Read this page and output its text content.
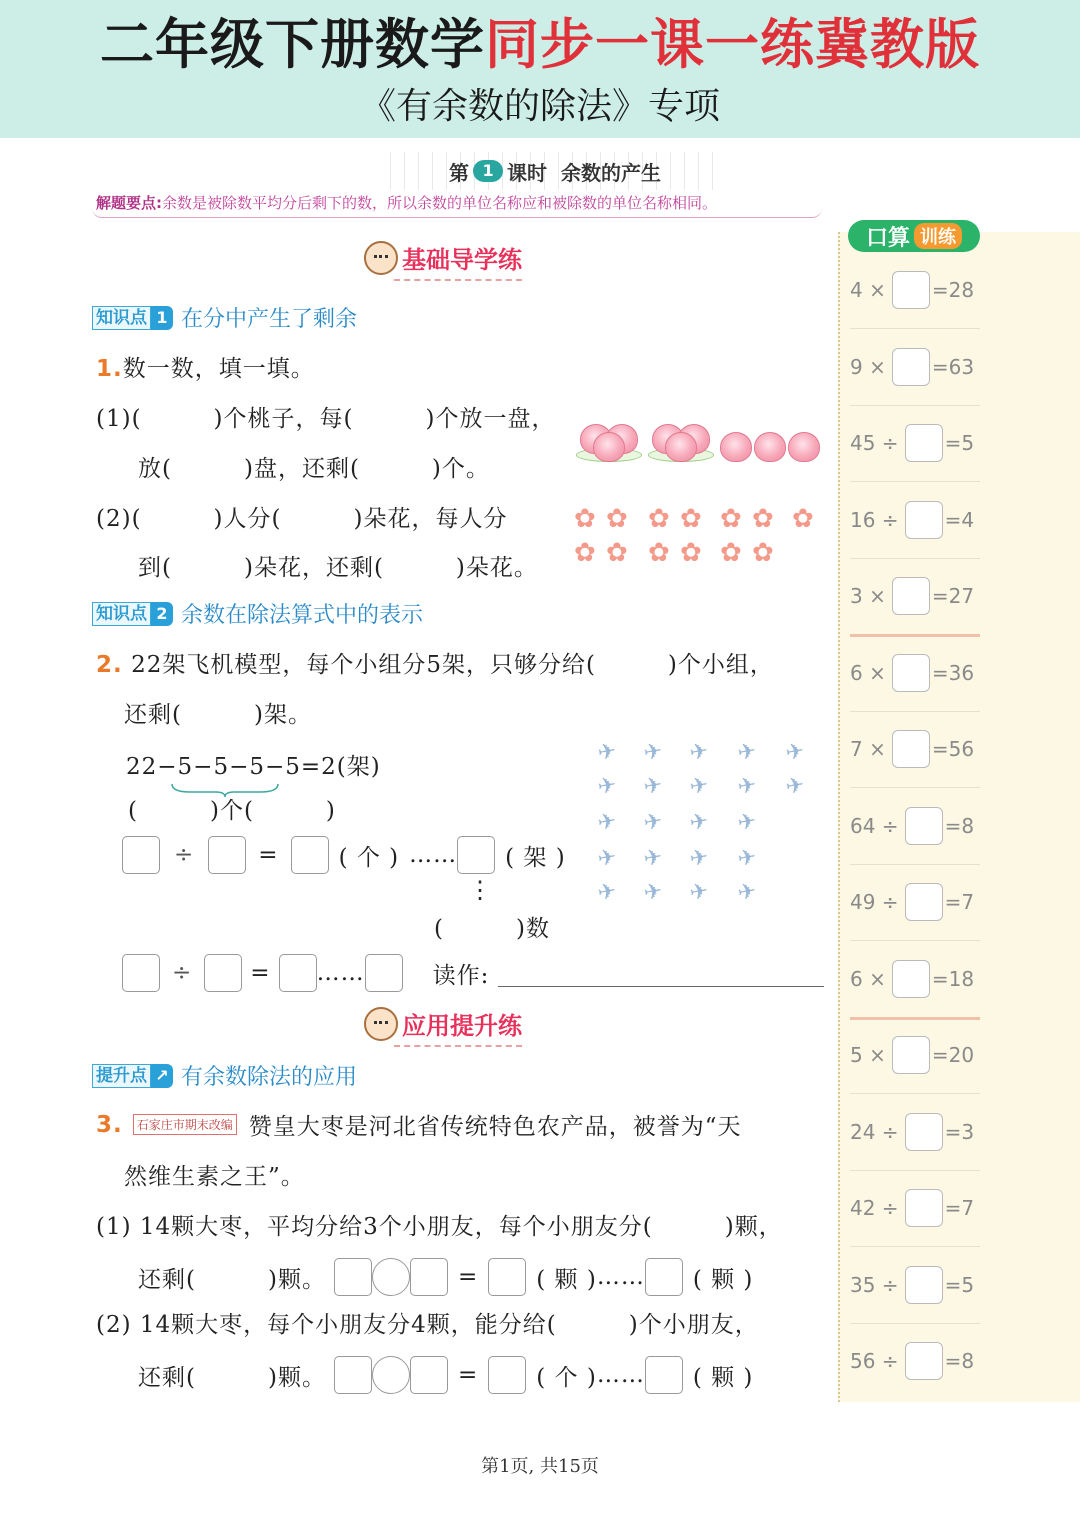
二年级下册数学同步一课一练冀教版
《有余数的除法》专项
第 1 课时  余数的产生
解题要点:余数是被除数平均分后剩下的数，所以余数的单位名称应和被除数的单位名称相同。
基础导学练
知识点 1 在分中产生了剩余
1.数一数，填一填。
(1)(　　　)个桃子，每(　　　)个放一盘，
放(　　　)盘，还剩(　　　)个。
(2)(　　　)人分(　　　)朵花，每人分
到(　　　)朵花，还剩(　　　)朵花。
✿ ✿ ✿ ✿ ✿ ✿ ✿
✿ ✿ ✿ ✿ ✿ ✿
知识点 2 余数在除法算式中的表示
2. 22架飞机模型，每个小组分5架，只够分给(　　　)个小组，
还剩(　　　)架。
22−5−5−5−5=2(架)
(　　　)个(　　　)
÷	=	( 个 ) …… ( 架 )
⋮
(　　　)数
÷	= ……	读作:
✈ ✈ ✈ ✈ ✈
✈ ✈ ✈ ✈ ✈
✈ ✈ ✈ ✈
✈ ✈ ✈ ✈
✈ ✈ ✈ ✈
应用提升练
提升点 ↗ 有余数除法的应用
3.	石家庄市期末改编 赞皇大枣是河北省传统特色农产品，被誉为“天
然维生素之王”。
(1) 14颗大枣，平均分给3个小朋友，每个小朋友分(　　　)颗，
还剩(　　　)颗。	=	( 颗 ) …… ( 颗 )
(2) 14颗大枣，每个小朋友分4颗，能分给(　　　)个小朋友，
还剩(　　　)颗。	=	( 个 ) …… ( 颗 )
口算 训练
4 × =28
9 × =63
45 ÷ =5
16 ÷ =4
3 × =27
6 × =36
7 × =56
64 ÷ =8
49 ÷ =7
6 × =18
5 × =20
24 ÷ =3
42 ÷ =7
35 ÷ =5
56 ÷ =8
第1页, 共15页
